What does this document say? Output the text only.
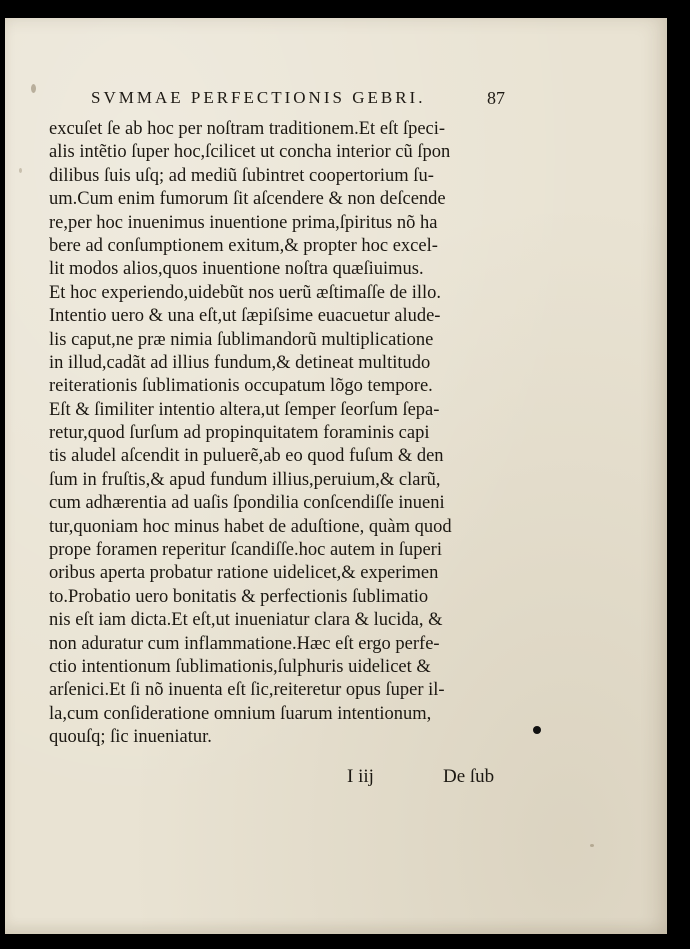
SVMMAE PERFECTIONIS GEBRI.	87
excuſet ſe ab hoc per noſtram traditionem.Et eſt ſpeci-
alis intẽtio ſuper hoc,ſcilicet ut concha interior cũ ſpon
dilibus ſuis uſq; ad mediũ ſubintret coopertorium ſu-
um.Cum enim fumorum ſit aſcendere & non deſcende
re,per hoc inuenimus inuentione prima,ſpiritus nõ ha
bere ad conſumptionem exitum,& propter hoc excel-
lit modos alios,quos inuentione noſtra quæſiuimus.
Et hoc experiendo,uidebũt nos uerũ æſtimaſſe de illo.
Intentio uero & una eſt,ut ſæpiſsime euacuetur alude-
lis caput,ne præ nimia ſublimandorũ multiplicatione
in illud,cadãt ad illius fundum,& detineat multitudo
reiterationis ſublimationis occupatum lõgo tempore.
Eſt & ſimiliter intentio altera,ut ſemper ſeorſum ſepa-
retur,quod ſurſum ad propinquitatem foraminis capi
tis aludel aſcendit in puluerẽ,ab eo quod fuſum & den
ſum in fruſtis,& apud fundum illius,peruium,& clarũ,
cum adhærentia ad uaſis ſpondilia conſcendiſſe inueni
tur,quoniam hoc minus habet de aduſtione, quàm quod
prope foramen reperitur ſcandiſſe.hoc autem in ſuperi
oribus aperta probatur ratione uidelicet,& experimen
to.Probatio uero bonitatis & perfectionis ſublimatio
nis eſt iam dicta.Et eſt,ut inueniatur clara & lucida, &
non aduratur cum inflammatione.Hæc eſt ergo perfe-
ctio intentionum ſublimationis,ſulphuris uidelicet &
arſenici.Et ſi nõ inuenta eſt ſic,reiteretur opus ſuper il-
la,cum conſideratione omnium ſuarum intentionum,
quouſq; ſic inueniatur.
I iij	De ſub
